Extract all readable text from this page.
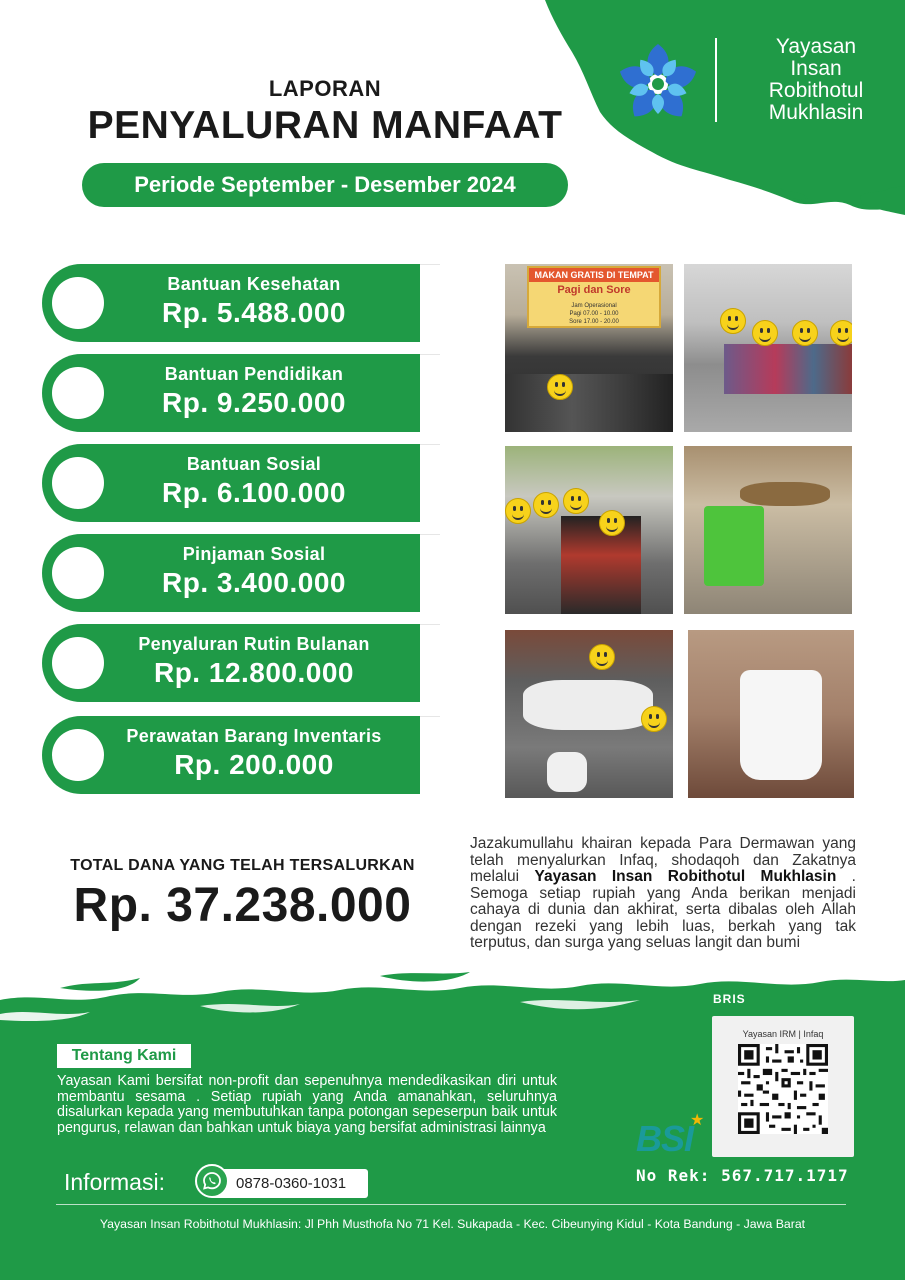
Yayasan
Insan
Robithotul
Mukhlasin
LAPORAN
PENYALURAN MANFAAT
Periode September - Desember 2024
Bantuan Kesehatan
Rp. 5.488.000
Bantuan Pendidikan
Rp. 9.250.000
Bantuan Sosial
Rp. 6.100.000
Pinjaman Sosial
Rp. 3.400.000
Penyaluran Rutin Bulanan
Rp. 12.800.000
Perawatan Barang Inventaris
Rp. 200.000
MAKAN GRATIS DI TEMPAT
Pagi dan Sore
Jam Operasional
Pagi 07.00 - 10.00
Sore 17.00 - 20.00
TOTAL DANA YANG TELAH TERSALURKAN
Rp. 37.238.000
Jazakumullahu khairan kepada Para Dermawan yang telah menyalurkan Infaq, shodaqoh dan Zakatnya melalui Yayasan Insan Robithotul Mukhlasin . Semoga setiap rupiah yang Anda berikan menjadi cahaya di dunia dan akhirat, serta dibalas oleh Allah dengan rezeki yang lebih luas, berkah yang tak terputus, dan surga yang seluas langit dan bumi
Tentang Kami
Yayasan Kami bersifat non-profit dan sepenuhnya mendedikasikan diri untuk membantu sesama . Setiap rupiah yang Anda amanahkan, seluruhnya disalurkan kepada yang membutuhkan tanpa potongan sepeserpun baik untuk pengurus, relawan dan bahkan untuk biaya yang bersifat administrasi lainnya
Informasi:	0878-0360-1031
BRIS
Yayasan IRM | Infaq
BSI
★
No Rek: 567.717.1717
Yayasan Insan Robithotul Mukhlasin: Jl Phh Musthofa No 71 Kel. Sukapada - Kec. Cibeunying Kidul - Kota Bandung - Jawa Barat
